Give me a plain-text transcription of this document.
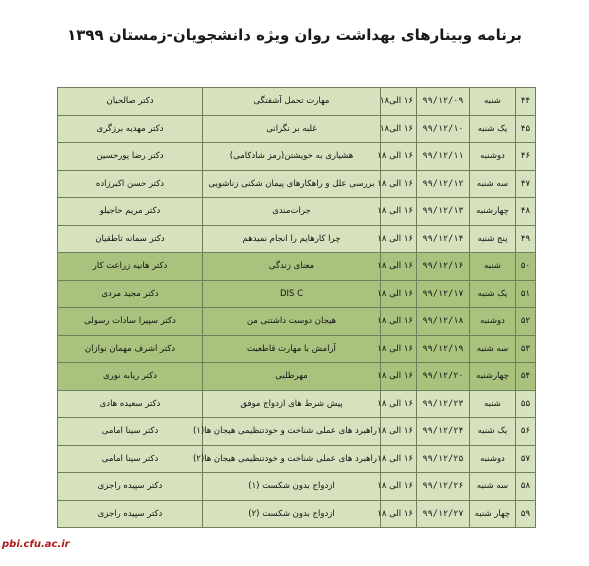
برنامه وبینارهای بهداشت روان ویژه دانشجویان-زمستان ۱۳۹۹
۴۴	شنبه	۹۹/۱۲/۰۹	۱۶ الی۱۸	مهارت تحمل آشفتگی	دکتر صالحیان
۴۵	یک شنبه	۹۹/۱۲/۱۰	۱۶ الی۱۸	غلبه بر نگرانی	دکتر مهدیه برزگری
۴۶	دوشنبه	۹۹/۱۲/۱۱	۱۶ الی ۱۸	هشیاری به خویشتن(رمز شادکامی)	دکتر رضا پورحسین
۴۷	سه شنبه	۹۹/۱۲/۱۲	۱۶ الی ۱۸	بررسی علل و راهکارهای پیمان شکنی زناشویی	دکتر حسن اکبرزاده
۴۸	چهارشنبه	۹۹/۱۲/۱۳	۱۶ الی ۱۸	جرات‌مندی	دکتر مریم حاجیلو
۴۹	پنج شنبه	۹۹/۱۲/۱۴	۱۶ الی ۱۸	چرا کارهایم را انجام نمیدهم	دکتر سمانه تاطقیان
۵۰	شنبه	۹۹/۱۲/۱۶	۱۶ الی ۱۸	معنای زندگی	دکتر هانیه زراعت کار
۵۱	یک شنبه	۹۹/۱۲/۱۷	۱۶ الی ۱۸	DIS C	دکتر مجید مردی
۵۲	دوشنبه	۹۹/۱۲/۱۸	۱۶ الی ۱۸	هیجان دوست داشتنی من	دکتر سپیرا سادات رسولی
۵۳	سه شنبه	۹۹/۱۲/۱۹	۱۶ الی ۱۸	آرامش با مهارت قاطعیت	دکتر اشرف مهمان نوازان
۵۴	چهارشنبه	۹۹/۱۲/۲۰	۱۶ الی ۱۸	مهرطلبی	دکتر ریابه نوری
۵۵	شنبه	۹۹/۱۲/۲۳	۱۶ الی ۱۸	پیش شرط های ازدواج موفق	دکتر سعیده هادی
۵۶	یک شنبه	۹۹/۱۲/۲۴	۱۶ الی ۱۸	راهبرد های عملی شناخت و خودتنظیمی هیجان ها(۱)	دکتر سینا امامی
۵۷	دوشنبه	۹۹/۱۲/۲۵	۱۶ الی ۱۸	راهبرد های عملی شناخت و خودتنظیمی هیجان ها(۲)	دکتر سینا امامی
۵۸	سه شنبه	۹۹/۱۲/۲۶	۱۶ الی ۱۸	ازدواج بدون شکست (۱)	دکتر سپیده راجزی
۵۹	چهار شنبه	۹۹/۱۲/۲۷	۱۶ الی ۱۸	ازدواج بدون شکست (۲)	دکتر سپیده راجزی
pbi.cfu.ac.ir
